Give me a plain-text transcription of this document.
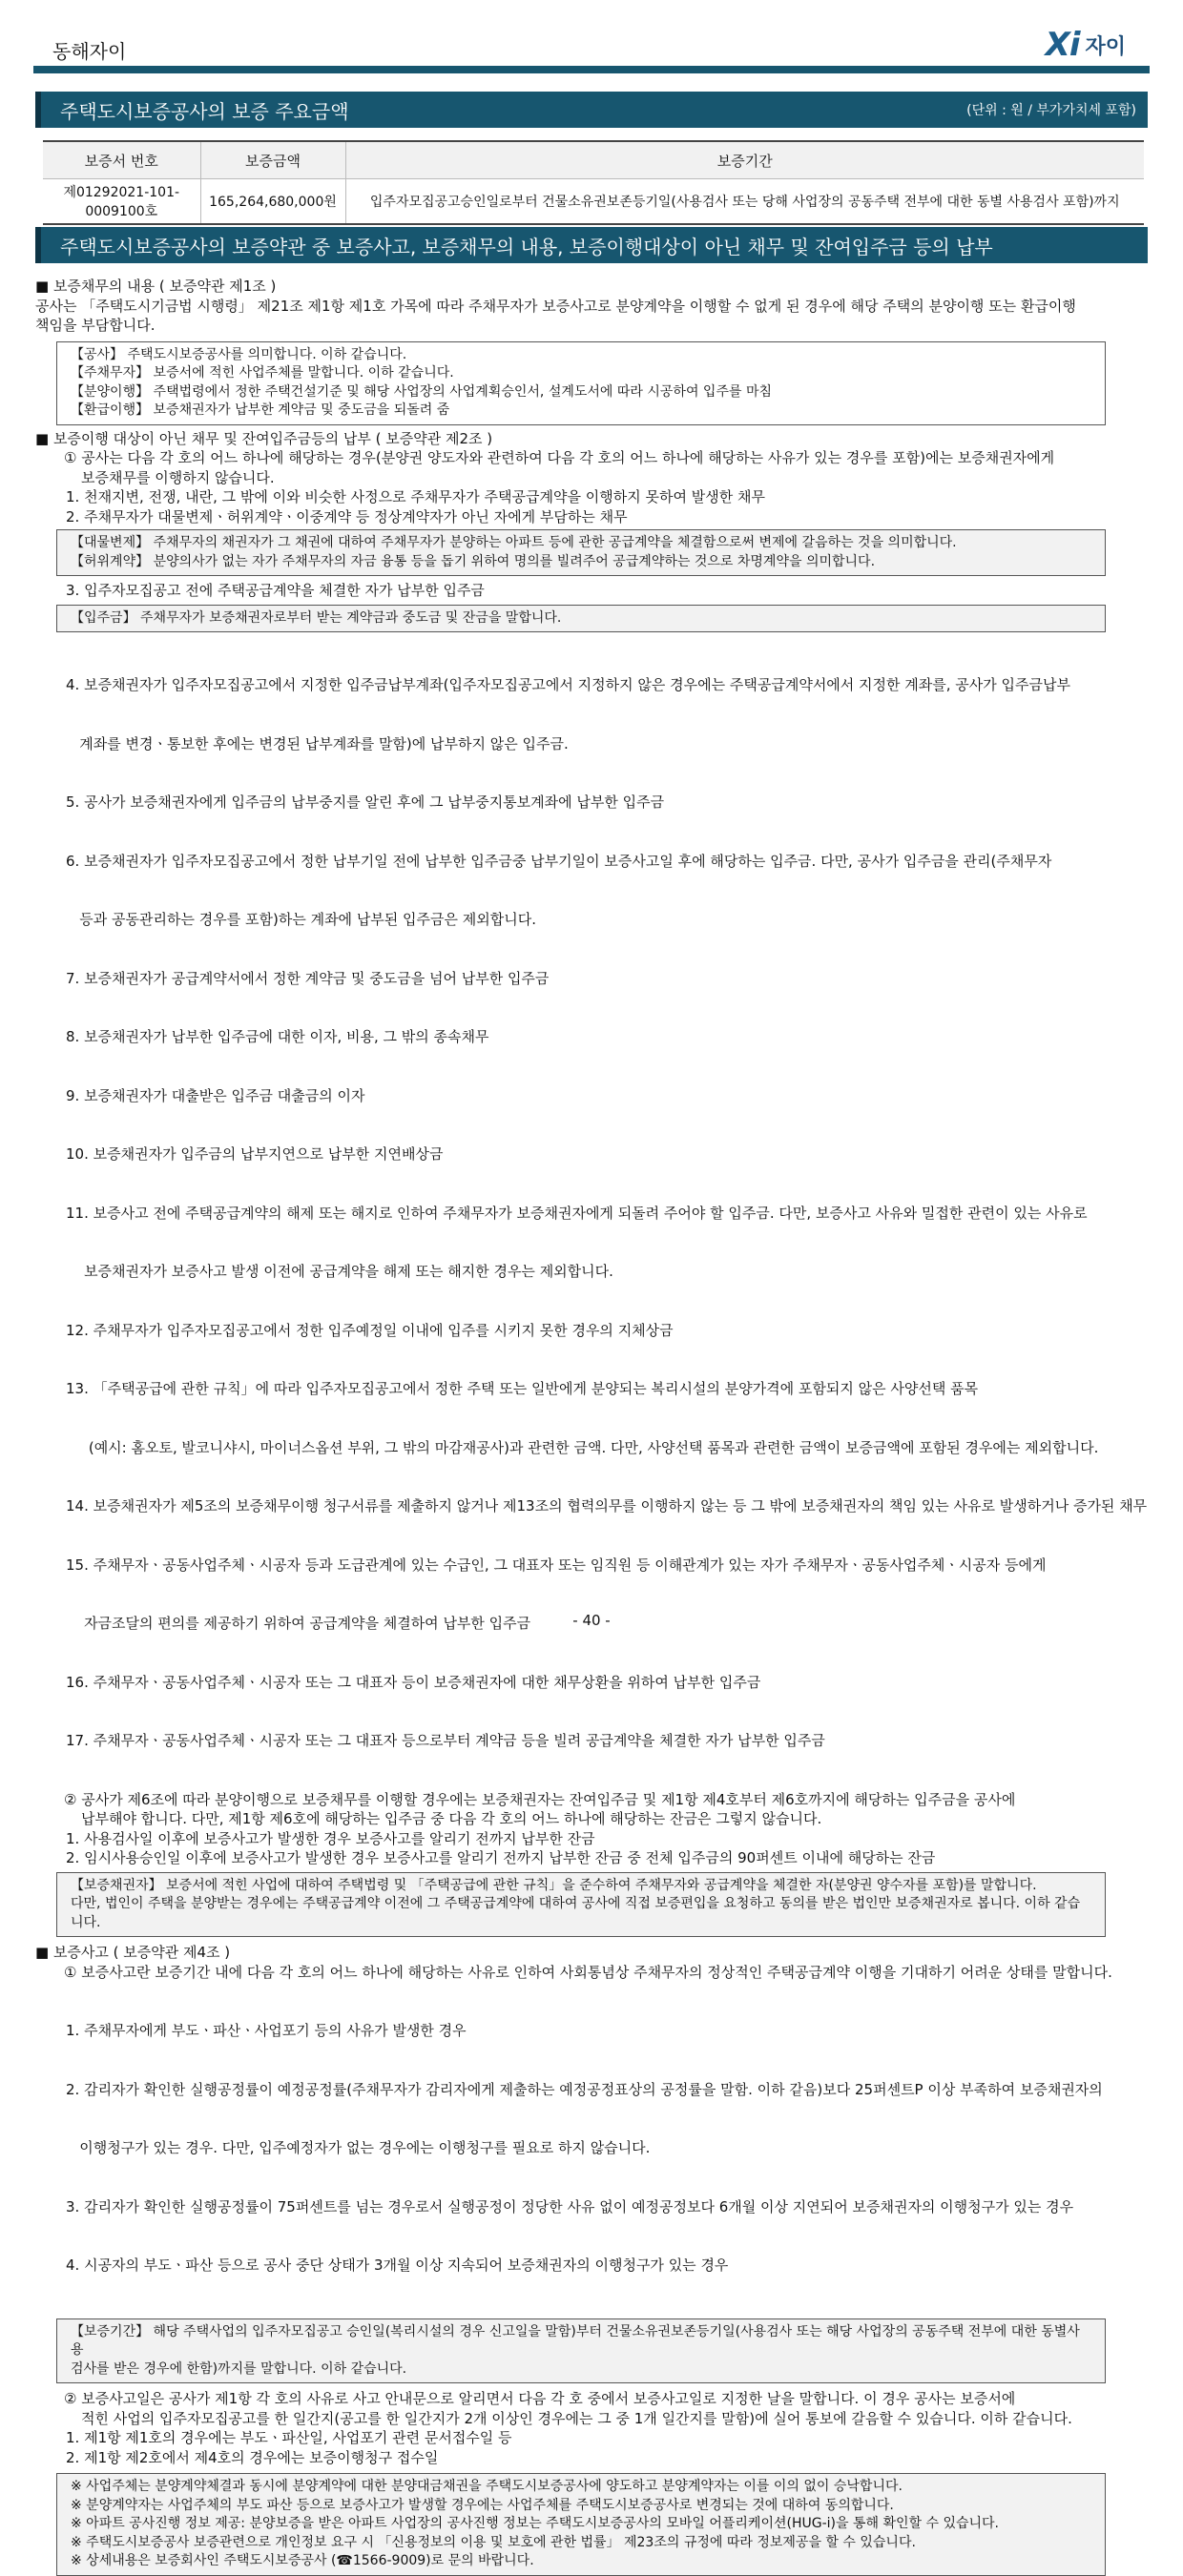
동해자이	Xi 자이
주택도시보증공사의 보증 주요금액	(단위 : 원 / 부가가치세 포함)
보증서 번호	보증금액	보증기간
제01292021-101-0009100호	165,264,680,000원	입주자모집공고승인일로부터 건물소유권보존등기일(사용검사 또는 당해 사업장의 공동주택 전부에 대한 동별 사용검사 포함)까지
주택도시보증공사의 보증약관 중 보증사고, 보증채무의 내용, 보증이행대상이 아닌 채무 및 잔여입주금 등의 납부
■ 보증채무의 내용 ( 보증약관 제1조 )
공사는 「주택도시기금법 시행령」 제21조 제1항 제1호 가목에 따라 주채무자가 보증사고로 분양계약을 이행할 수 없게 된 경우에 해당 주택의 분양이행 또는 환급이행
책임을 부담합니다.
【공사】 주택도시보증공사를 의미합니다. 이하 같습니다.
【주채무자】 보증서에 적힌 사업주체를 말합니다. 이하 같습니다.
【분양이행】 주택법령에서 정한 주택건설기준 및 해당 사업장의 사업계획승인서, 설계도서에 따라 시공하여 입주를 마침
【환급이행】 보증채권자가 납부한 계약금 및 중도금을 되돌려 줌
■ 보증이행 대상이 아닌 채무 및 잔여입주금등의 납부 ( 보증약관 제2조 )
① 공사는 다음 각 호의 어느 하나에 해당하는 경우(분양권 양도자와 관련하여 다음 각 호의 어느 하나에 해당하는 사유가 있는 경우를 포함)에는 보증채권자에게
보증채무를 이행하지 않습니다.
1. 천재지변, 전쟁, 내란, 그 밖에 이와 비슷한 사정으로 주채무자가 주택공급계약을 이행하지 못하여 발생한 채무
2. 주채무자가 대물변제ㆍ허위계약ㆍ이중계약 등 정상계약자가 아닌 자에게 부담하는 채무
【대물변제】 주채무자의 채권자가 그 채권에 대하여 주채무자가 분양하는 아파트 등에 관한 공급계약을 체결함으로써 변제에 갈음하는 것을 의미합니다.
【허위계약】 분양의사가 없는 자가 주채무자의 자금 융통 등을 돕기 위하여 명의를 빌려주어 공급계약하는 것으로 차명계약을 의미합니다.
3. 입주자모집공고 전에 주택공급계약을 체결한 자가 납부한 입주금
【입주금】 주채무자가 보증채권자로부터 받는 계약금과 중도금 및 잔금을 말합니다.

4. 보증채권자가 입주자모집공고에서 지정한 입주금납부계좌(입주자모집공고에서 지정하지 않은 경우에는 주택공급계약서에서 지정한 계좌를, 공사가 입주금납부

계좌를 변경ㆍ통보한 후에는 변경된 납부계좌를 말함)에 납부하지 않은 입주금.

5. 공사가 보증채권자에게 입주금의 납부중지를 알린 후에 그 납부중지통보계좌에 납부한 입주금

6. 보증채권자가 입주자모집공고에서 정한 납부기일 전에 납부한 입주금중 납부기일이 보증사고일 후에 해당하는 입주금. 다만, 공사가 입주금을 관리(주채무자

등과 공동관리하는 경우를 포함)하는 계좌에 납부된 입주금은 제외합니다.

7. 보증채권자가 공급계약서에서 정한 계약금 및 중도금을 넘어 납부한 입주금

8. 보증채권자가 납부한 입주금에 대한 이자, 비용, 그 밖의 종속채무

9. 보증채권자가 대출받은 입주금 대출금의 이자

10. 보증채권자가 입주금의 납부지연으로 납부한 지연배상금

11. 보증사고 전에 주택공급계약의 해제 또는 해지로 인하여 주채무자가 보증채권자에게 되돌려 주어야 할 입주금. 다만, 보증사고 사유와 밀접한 관련이 있는 사유로

보증채권자가 보증사고 발생 이전에 공급계약을 해제 또는 해지한 경우는 제외합니다.

12. 주채무자가 입주자모집공고에서 정한 입주예정일 이내에 입주를 시키지 못한 경우의 지체상금

13. 「주택공급에 관한 규칙」에 따라 입주자모집공고에서 정한 주택 또는 일반에게 분양되는 복리시설의 분양가격에 포함되지 않은 사양선택 품목

(예시: 홈오토, 발코니샤시, 마이너스옵션 부위, 그 밖의 마감재공사)과 관련한 금액. 다만, 사양선택 품목과 관련한 금액이 보증금액에 포함된 경우에는 제외합니다.

14. 보증채권자가 제5조의 보증채무이행 청구서류를 제출하지 않거나 제13조의 협력의무를 이행하지 않는 등 그 밖에 보증채권자의 책임 있는 사유로 발생하거나 증가된 채무

15. 주채무자ㆍ공동사업주체ㆍ시공자 등과 도급관계에 있는 수급인, 그 대표자 또는 임직원 등 이해관계가 있는 자가 주채무자ㆍ공동사업주체ㆍ시공자 등에게

자금조달의 편의를 제공하기 위하여 공급계약을 체결하여 납부한 입주금

16. 주채무자ㆍ공동사업주체ㆍ시공자 또는 그 대표자 등이 보증채권자에 대한 채무상환을 위하여 납부한 입주금

17. 주채무자ㆍ공동사업주체ㆍ시공자 또는 그 대표자 등으로부터 계약금 등을 빌려 공급계약을 체결한 자가 납부한 입주금

② 공사가 제6조에 따라 분양이행으로 보증채무를 이행할 경우에는 보증채권자는 잔여입주금 및 제1항 제4호부터 제6호까지에 해당하는 입주금을 공사에
납부해야 합니다. 다만, 제1항 제6호에 해당하는 입주금 중 다음 각 호의 어느 하나에 해당하는 잔금은 그렇지 않습니다.
1. 사용검사일 이후에 보증사고가 발생한 경우 보증사고를 알리기 전까지 납부한 잔금
2. 임시사용승인일 이후에 보증사고가 발생한 경우 보증사고를 알리기 전까지 납부한 잔금 중 전체 입주금의 90퍼센트 이내에 해당하는 잔금
【보증채권자】 보증서에 적힌 사업에 대하여 주택법령 및 「주택공급에 관한 규칙」을 준수하여 주채무자와 공급계약을 체결한 자(분양권 양수자를 포함)를 말합니다.
다만, 법인이 주택을 분양받는 경우에는 주택공급계약 이전에 그 주택공급계약에 대하여 공사에 직접 보증편입을 요청하고 동의를 받은 법인만 보증채권자로 봅니다. 이하 같습니다.
■ 보증사고 ( 보증약관 제4조 )
① 보증사고란 보증기간 내에 다음 각 호의 어느 하나에 해당하는 사유로 인하여 사회통념상 주채무자의 정상적인 주택공급계약 이행을 기대하기 어려운 상태를 말합니다.

1. 주채무자에게 부도ㆍ파산ㆍ사업포기 등의 사유가 발생한 경우

2. 감리자가 확인한 실행공정률이 예정공정률(주채무자가 감리자에게 제출하는 예정공정표상의 공정률을 말함. 이하 같음)보다 25퍼센트P 이상 부족하여 보증채권자의

이행청구가 있는 경우. 다만, 입주예정자가 없는 경우에는 이행청구를 필요로 하지 않습니다.

3. 감리자가 확인한 실행공정률이 75퍼센트를 넘는 경우로서 실행공정이 정당한 사유 없이 예정공정보다 6개월 이상 지연되어 보증채권자의 이행청구가 있는 경우

4. 시공자의 부도ㆍ파산 등으로 공사 중단 상태가 3개월 이상 지속되어 보증채권자의 이행청구가 있는 경우

【보증기간】 해당 주택사업의 입주자모집공고 승인일(복리시설의 경우 신고일을 말함)부터 건물소유권보존등기일(사용검사 또는 해당 사업장의 공동주택 전부에 대한 동별사용
검사를 받은 경우에 한함)까지를 말합니다. 이하 같습니다.
② 보증사고일은 공사가 제1항 각 호의 사유로 사고 안내문으로 알리면서 다음 각 호 중에서 보증사고일로 지정한 날을 말합니다. 이 경우 공사는 보증서에
적힌 사업의 입주자모집공고를 한 일간지(공고를 한 일간지가 2개 이상인 경우에는 그 중 1개 일간지를 말함)에 실어 통보에 갈음할 수 있습니다. 이하 같습니다.
1. 제1항 제1호의 경우에는 부도ㆍ파산일, 사업포기 관련 문서접수일 등
2. 제1항 제2호에서 제4호의 경우에는 보증이행청구 접수일
※ 사업주체는 분양계약체결과 동시에 분양계약에 대한 분양대금채권을 주택도시보증공사에 양도하고 분양계약자는 이를 이의 없이 승낙합니다.
※ 분양계약자는 사업주체의 부도 파산 등으로 보증사고가 발생할 경우에는 사업주체를 주택도시보증공사로 변경되는 것에 대하여 동의합니다.
※ 아파트 공사진행 정보 제공: 분양보증을 받은 아파트 사업장의 공사진행 정보는 주택도시보증공사의 모바일 어플리케이션(HUG-i)을 통해 확인할 수 있습니다.
※ 주택도시보증공사 보증관련으로 개인정보 요구 시 「신용정보의 이용 및 보호에 관한 법률」 제23조의 규정에 따라 정보제공을 할 수 있습니다.
※ 상세내용은 보증회사인 주택도시보증공사 (☎1566-9009)로 문의 바랍니다.
- 40 -
